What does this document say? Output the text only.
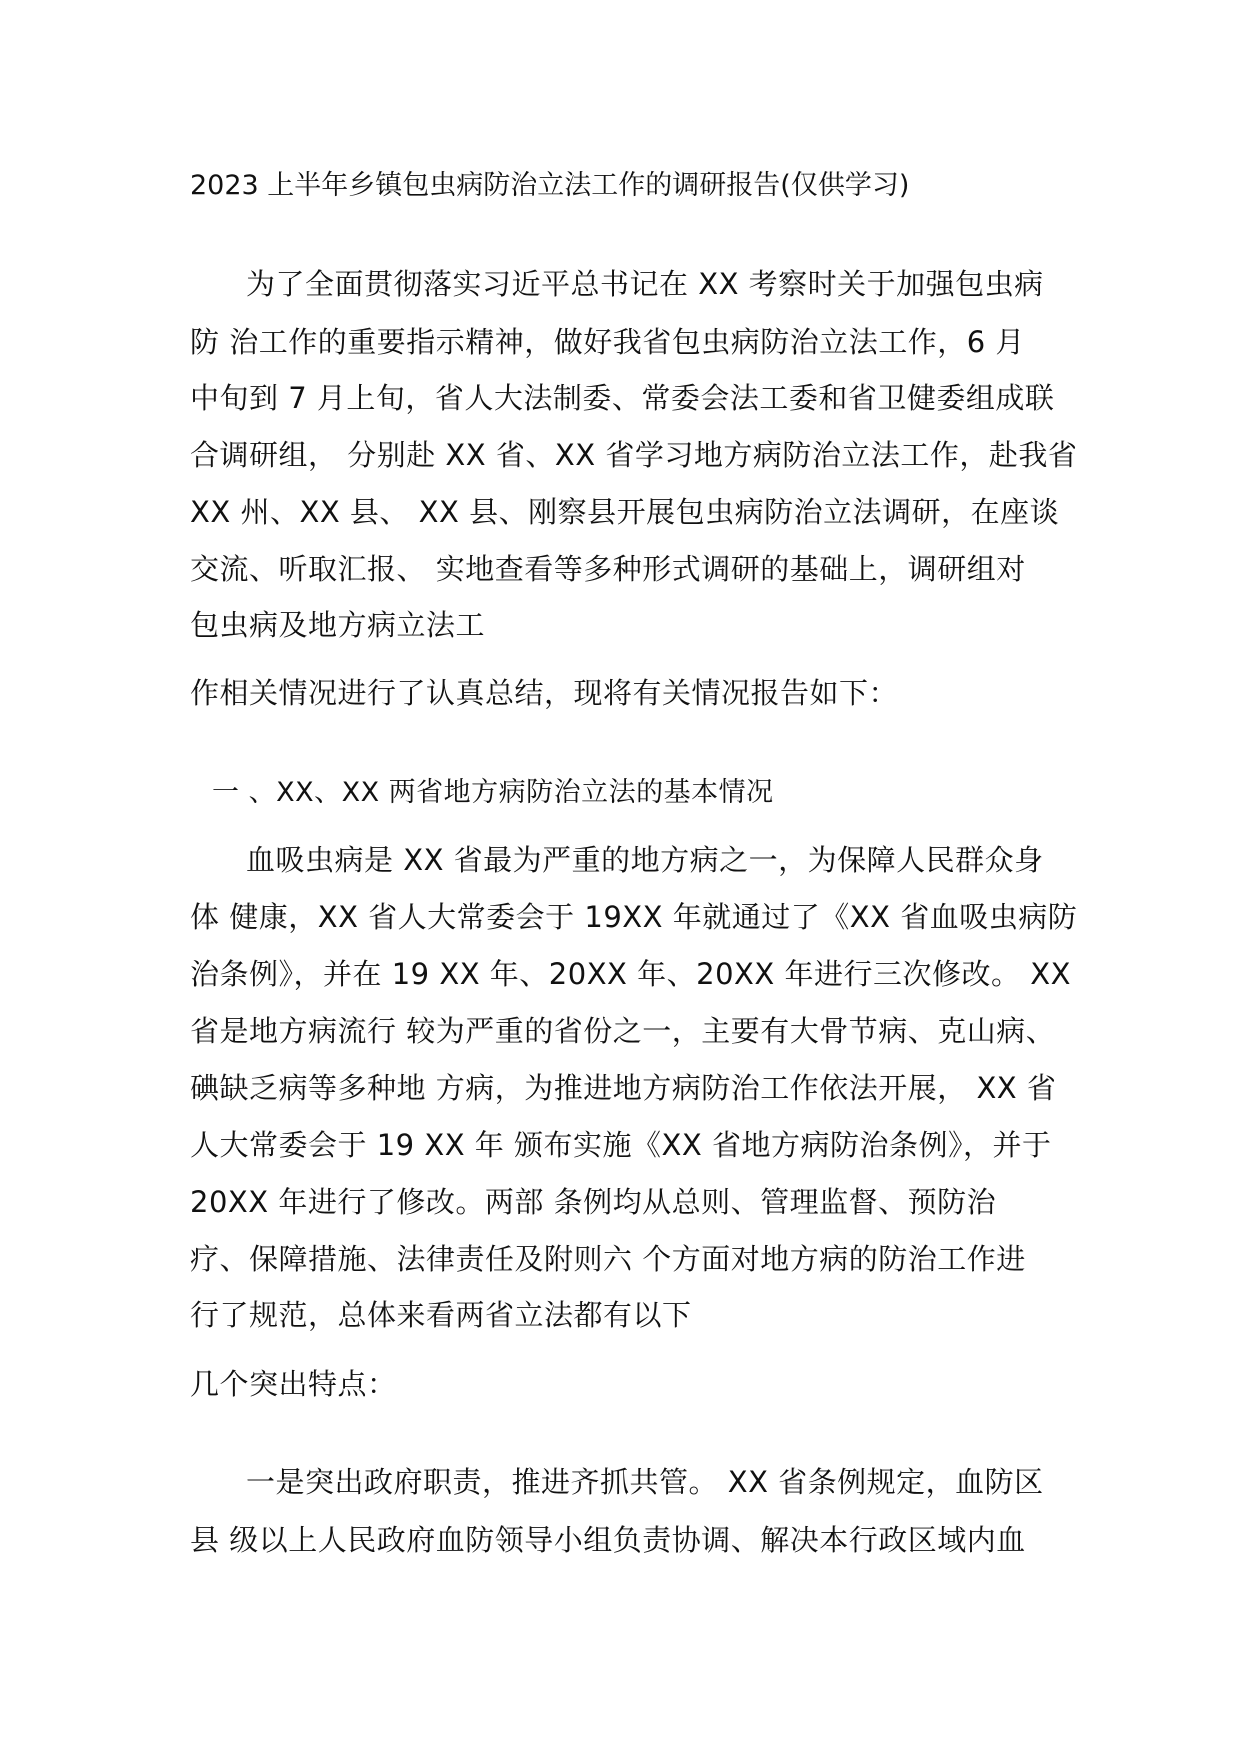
2023 上半年乡镇包虫病防治立法工作的调研报告(仅供学习)
为了全面贯彻落实习近平总书记在 XX 考察时关于加强包虫病
防 治工作的重要指示精神，做好我省包虫病防治立法工作，6 月
中旬到 7 月上旬，省人大法制委、常委会法工委和省卫健委组成联
合调研组， 分别赴 XX 省、XX 省学习地方病防治立法工作，赴我省
XX 州、XX 县、 XX 县、刚察县开展包虫病防治立法调研，在座谈
交流、听取汇报、 实地查看等多种形式调研的基础上，调研组对
包虫病及地方病立法工
作相关情况进行了认真总结，现将有关情况报告如下：
一 、XX、XX 两省地方病防治立法的基本情况
血吸虫病是 XX 省最为严重的地方病之一，为保障人民群众身
体 健康，XX 省人大常委会于 19XX 年就通过了《XX 省血吸虫病防
治条例》，并在 19 XX 年、20XX 年、20XX 年进行三次修改。 XX
省是地方病流行 较为严重的省份之一，主要有大骨节病、克山病、
碘缺乏病等多种地 方病，为推进地方病防治工作依法开展， XX 省
人大常委会于 19 XX 年 颁布实施《XX 省地方病防治条例》，并于
20XX 年进行了修改。两部 条例均从总则、管理监督、预防治
疗、保障措施、法律责任及附则六 个方面对地方病的防治工作进
行了规范，总体来看两省立法都有以下
几个突出特点：
一是突出政府职责，推进齐抓共管。 XX 省条例规定，血防区
县 级以上人民政府血防领导小组负责协调、解决本行政区域内血
